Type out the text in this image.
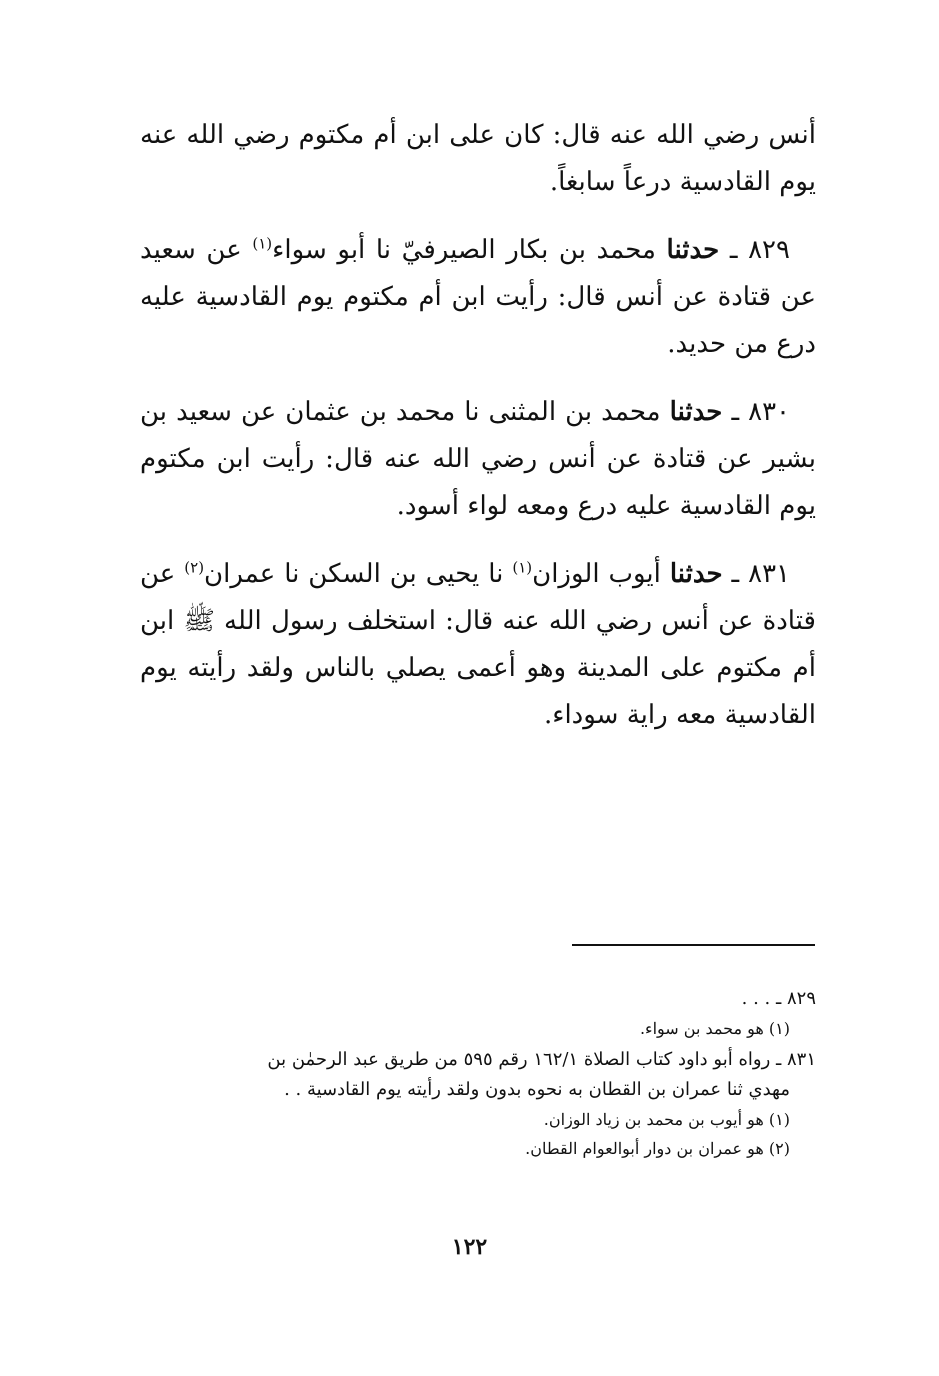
أنس رضي الله عنه قال: كان على ابن أم مكتوم رضي الله عنه يوم القادسية درعاً سابغاً.

٨٢٩ ـ حدثنا محمد بن بكار الصيرفيّ نا أبو سواء$^{(١)}$ عن سعيد عن قتادة عن أنس قال: رأيت ابن أم مكتوم يوم القادسية عليه درع من حديد.

٨٣٠ ـ حدثنا محمد بن المثنى نا محمد بن عثمان عن سعيد بن بشير عن قتادة عن أنس رضي الله عنه قال: رأيت ابن مكتوم يوم القادسية عليه درع ومعه لواء أسود.

٨٣١ ـ حدثنا أيوب الوزان$^{(١)}$ نا يحيى بن السكن نا عمران$^{(٢)}$ عن قتادة عن أنس رضي الله عنه قال: استخلف رسول الله ﷺ ابن أم مكتوم على المدينة وهو أعمى يصلي بالناس ولقد رأيته يوم القادسية معه راية سوداء.

٨٢٩ ـ . . .

(١) هو محمد بن سواء.

٨٣١ ـ رواه أبو داود كتاب الصلاة ١٦٢/١ رقم ٥٩٥ من طريق عبد الرحمٰن بن

مهدي ثنا عمران بن القطان به نحوه بدون ولقد رأيته يوم القادسية . .

(١) هو أيوب بن محمد بن زياد الوزان.

(٢) هو عمران بن دوار أبوالعوام القطان.

١٢٢
